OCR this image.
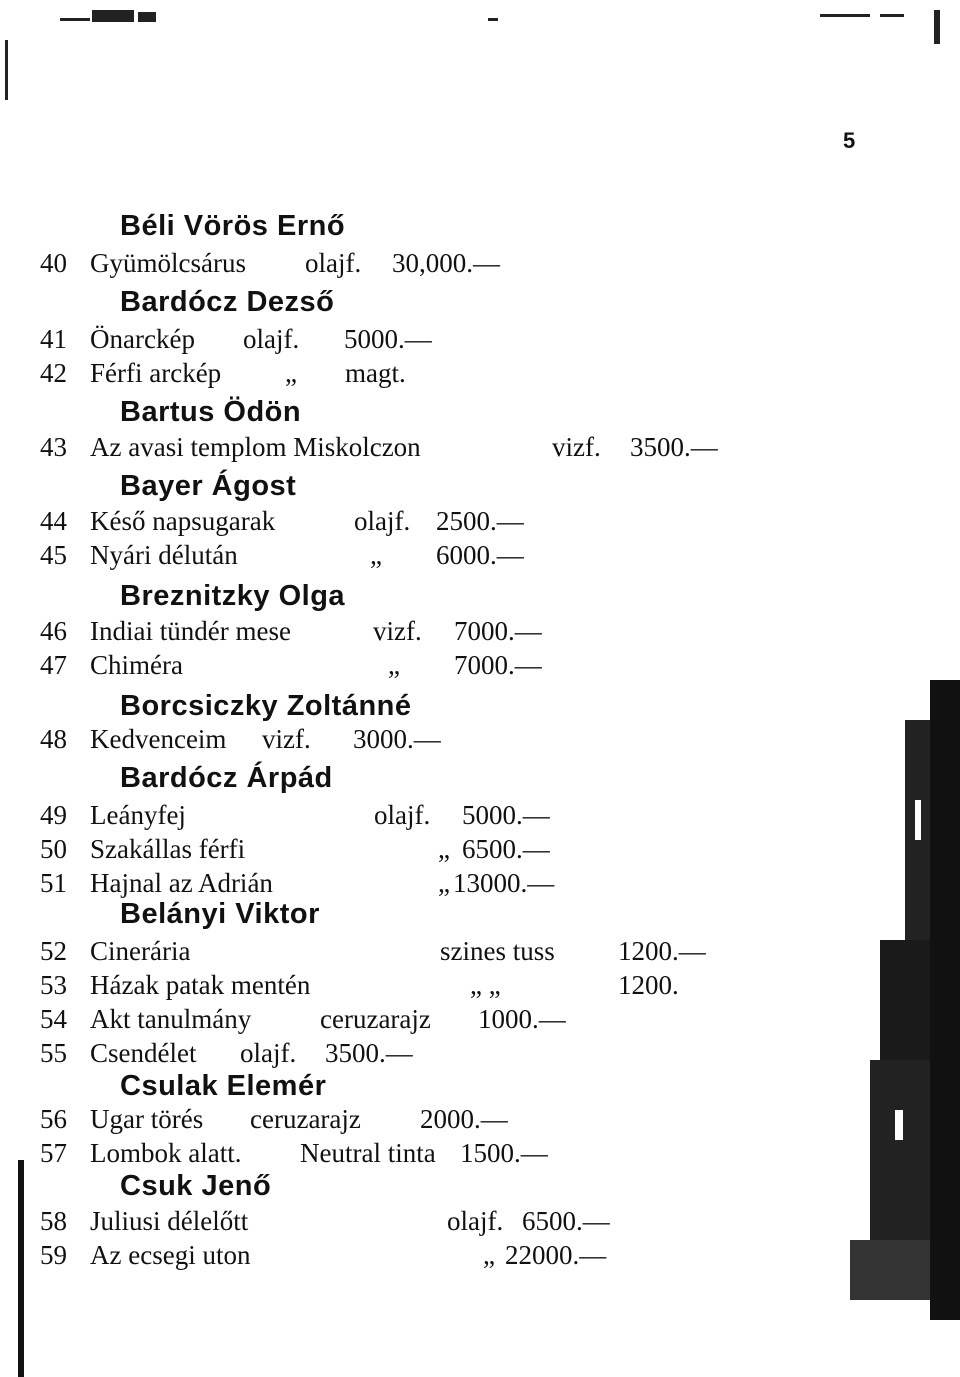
5
Béli Vörös Ernő
40 Gyümölcsárus olajf. 30,000.—
Bardócz Dezső
41 Önarckép olajf. 5000.—
42 Férfi arckép „ magt.
Bartus Ödön
43 Az avasi templom Miskolczon	vizf. 3500.—
Bayer Ágost
44 Késő napsugarak	olajf. 2500.—
45 Nyári délután	„ 6000.—
Breznitzky Olga
46 Indiai tündér mese	vizf. 7000.—
47 Chiméra	„ 7000.—
Borcsiczky Zoltánné
48 Kedvenceim vizf. 3000.—
Bardócz Árpád
49 Leányfej	olajf. 5000.—
50 Szakállas férfi	„ 6500.—
51 Hajnal az Adrián	„ 13000.—
Belányi Viktor
52 Cinerária	szines tuss 1200.—
53 Házak patak mentén	„ „	1200.
54 Akt tanulmány	ceruzarajz 1000.—
55 Csendélet olajf. 3500.—
Csulak Elemér
56 Ugar törés ceruzarajz 2000.—
57 Lombok alatt. Neutral tinta 1500.—
Csuk Jenő
58 Juliusi délelőtt	olajf. 6500.—
59 Az ecsegi uton	„ 22000.—
